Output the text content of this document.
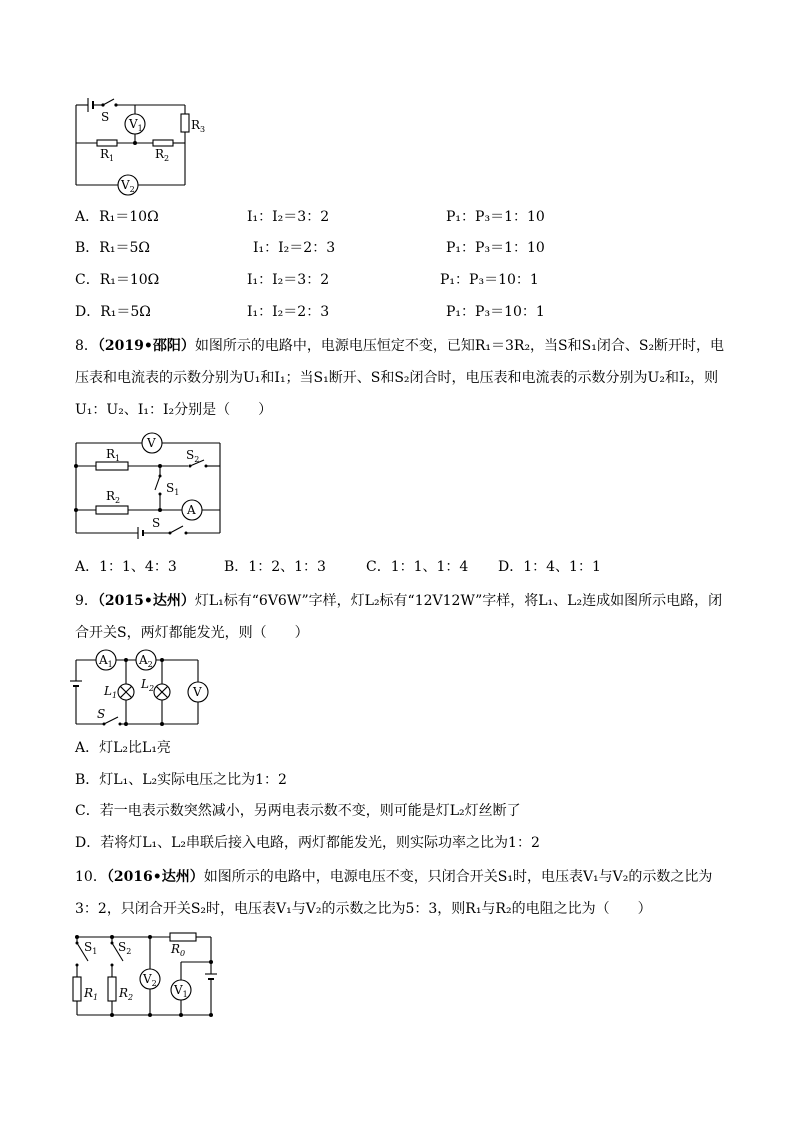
S $V_1$	$R_3$
$R_1$	$R_2$
$V_2$
A．R₁＝10Ω	I₁：I₂＝3：2	P₁：P₃＝1：10
B．R₁＝5Ω	I₁：I₂＝2：3	P₁：P₃＝1：10
C．R₁＝10Ω	I₁：I₂＝3：2	P₁：P₃＝10：1
D．R₁＝5Ω	I₁：I₂＝2：3	P₁：P₃＝10：1
8．（2019•邵阳）如图所示的电路中，电源电压恒定不变，已知R₁＝3R₂，当S和S₁闭合、S₂断开时，电压表和电流表的示数分别为U₁和I₁；当S₁断开、S和S₂闭合时，电压表和电流表的示数分别为U₂和I₂，则U₁：U₂、I₁：I₂分别是（　　）
V
$R_1$	$S_2$
$S_1$
$R_2$
A
S
A．1：1、4：3	B．1：2、1：3	C．1：1、1：4 D．1：4、1：1
9．（2015•达州）灯L₁标有“6V6W”字样，灯L₂标有“12V12W”字样，将L₁、L₂连成如图所示电路，闭合开关S，两灯都能发光，则（　　）
$A_1$ $A_2$
S
$L_1$
$L_2$	V
A．灯L₂比L₁亮
B．灯L₁、L₂实际电压之比为1：2
C．若一电表示数突然减小，另两电表示数不变，则可能是灯L₂灯丝断了
D．若将灯L₁、L₂串联后接入电路，两灯都能发光，则实际功率之比为1：2
10．（2016•达州）如图所示的电路中，电源电压不变，只闭合开关S₁时，电压表V₁与V₂的示数之比为3：2，只闭合开关S₂时，电压表V₁与V₂的示数之比为5：3，则R₁与R₂的电阻之比为（　　）
$S_1$ $S_2$
$R_1$ $R_2$
$V_2$
$R_0$
$V_1$
